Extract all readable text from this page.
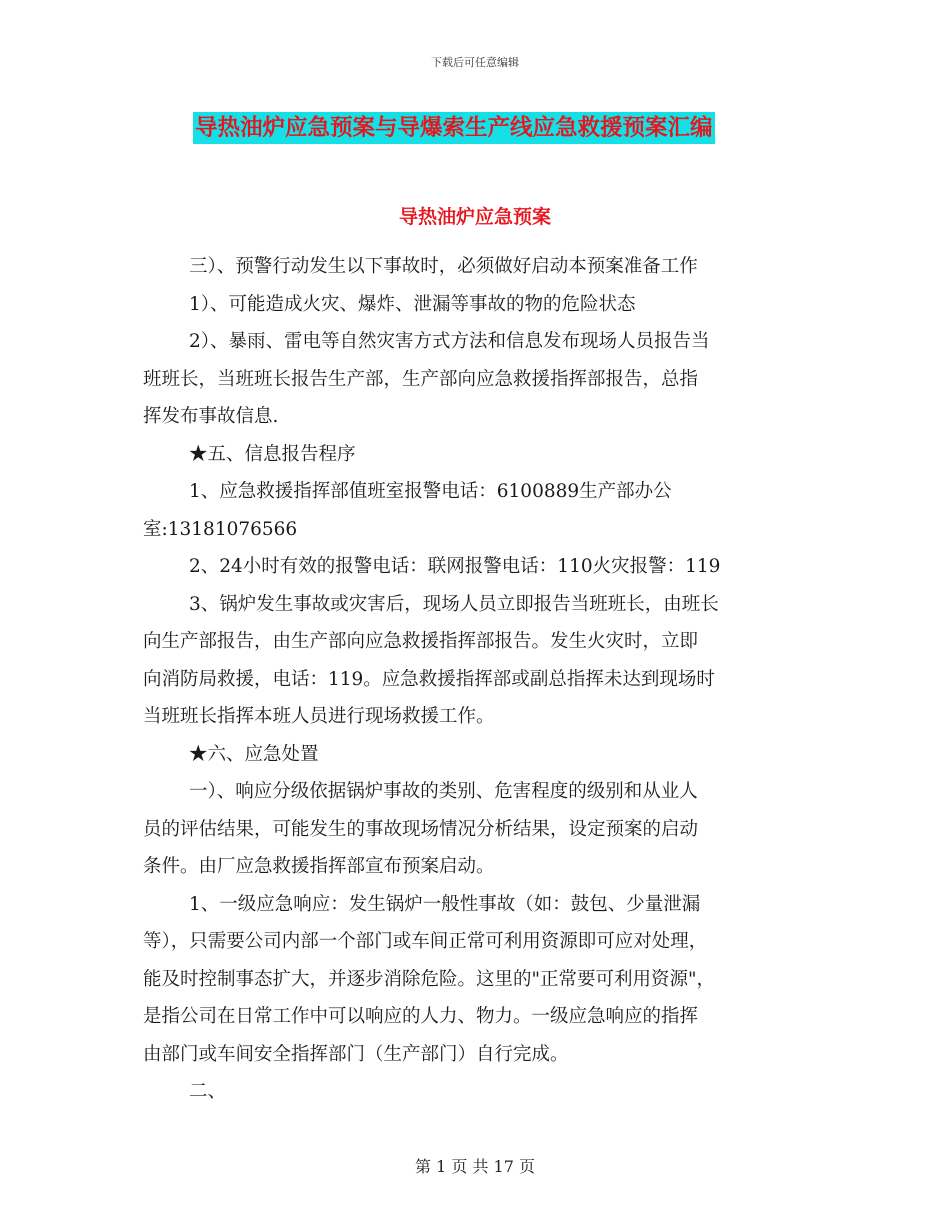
下载后可任意编辑
导热油炉应急预案与导爆索生产线应急救援预案汇编
导热油炉应急预案

三）、预警行动发生以下事故时，必须做好启动本预案准备工作

1）、可能造成火灾、爆炸、泄漏等事故的物的危险状态

2）、暴雨、雷电等自然灾害方式方法和信息发布现场人员报告当

班班长，当班班长报告生产部，生产部向应急救援指挥部报告，总指

挥发布事故信息.

★五、信息报告程序

1、应急救援指挥部值班室报警电话：6100889生产部办公

室:13181076566

2、24小时有效的报警电话：联网报警电话：110火灾报警：119

3、锅炉发生事故或灾害后，现场人员立即报告当班班长，由班长

向生产部报告，由生产部向应急救援指挥部报告。发生火灾时，立即

向消防局救援，电话：119。应急救援指挥部或副总指挥未达到现场时

当班班长指挥本班人员进行现场救援工作。

★六、应急处置

一）、响应分级依据锅炉事故的类别、危害程度的级别和从业人

员的评估结果，可能发生的事故现场情况分析结果，设定预案的启动

条件。由厂应急救援指挥部宣布预案启动。

1、一级应急响应：发生锅炉一般性事故（如：鼓包、少量泄漏

等），只需要公司内部一个部门或车间正常可利用资源即可应对处理，

能及时控制事态扩大，并逐步消除危险。这里的"正常要可利用资源"，

是指公司在日常工作中可以响应的人力、物力。一级应急响应的指挥

由部门或车间安全指挥部门（生产部门）自行完成。

二、

第 1 页 共 17 页
